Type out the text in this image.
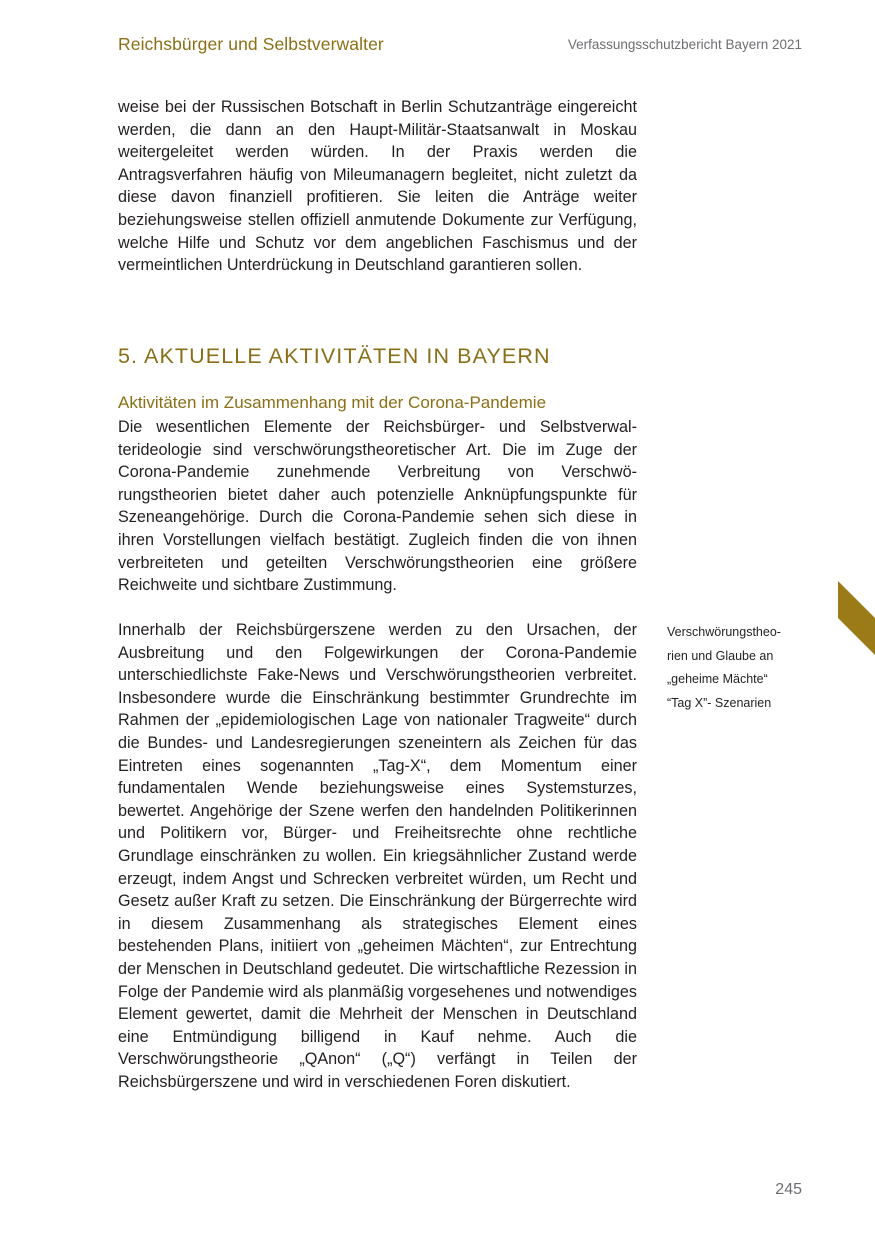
Reichsbürger und Selbstverwalter	Verfassungsschutzbericht Bayern 2021

weise bei der Russischen Botschaft in Berlin Schutzanträge eingereicht werden, die dann an den Haupt-Militär-Staatsanwalt in Moskau weitergeleitet werden würden. In der Praxis werden die Antragsverfahren häufig von Mileumanagern begleitet, nicht zuletzt da diese davon finanziell profitieren. Sie leiten die Anträge weiter beziehungsweise stellen offiziell anmutende Dokumente zur Verfügung, welche Hilfe und Schutz vor dem angeblichen Faschismus und der vermeintlichen Unterdrückung in Deutschland garantieren sollen.

5. AKTUELLE AKTIVITÄTEN IN BAYERN
Aktivitäten im Zusammenhang mit der Corona-Pandemie

Die wesentlichen Elemente der Reichsbürger- und Selbstverwalterideologie sind verschwörungstheoretischer Art. Die im Zuge der Corona-Pandemie zunehmende Verbreitung von Verschwörungstheorien bietet daher auch potenzielle Anknüpfungspunkte für Szeneangehörige. Durch die Corona-Pandemie sehen sich diese in ihren Vorstellungen vielfach bestätigt. Zugleich finden die von ihnen verbreiteten und geteilten Verschwörungstheorien eine größere Reichweite und sichtbare Zustimmung.

Innerhalb der Reichsbürgerszene werden zu den Ursachen, der Ausbreitung und den Folgewirkungen der Corona-Pandemie unterschiedlichste Fake-News und Verschwörungstheorien verbreitet. Insbesondere wurde die Einschränkung bestimmter Grundrechte im Rahmen der „epidemiologischen Lage von nationaler Tragweite“ durch die Bundes- und Landesregierungen szeneintern als Zeichen für das Eintreten eines sogenannten „Tag-X“, dem Momentum einer fundamentalen Wende beziehungsweise eines Systemsturzes, bewertet. Angehörige der Szene werfen den handelnden Politikerinnen und Politikern vor, Bürger- und Freiheitsrechte ohne rechtliche Grundlage einschränken zu wollen. Ein kriegsähnlicher Zustand werde erzeugt, indem Angst und Schrecken verbreitet würden, um Recht und Gesetz außer Kraft zu setzen. Die Einschränkung der Bürgerrechte wird in diesem Zusammenhang als strategisches Element eines bestehenden Plans, initiiert von „geheimen Mächten“, zur Entrechtung der Menschen in Deutschland gedeutet. Die wirtschaftliche Rezession in Folge der Pandemie wird als planmäßig vorgesehenes und notwendiges Element gewertet, damit die Mehrheit der Menschen in Deutschland eine Entmündigung billigend in Kauf nehme. Auch die Verschwörungstheorie „QAnon“ („Q“) verfängt in Teilen der Reichsbürgerszene und wird in verschiedenen Foren diskutiert.

Verschwörungstheo-
rien und Glaube an
„geheime Mächte“
“Tag X”- Szenarien
245
